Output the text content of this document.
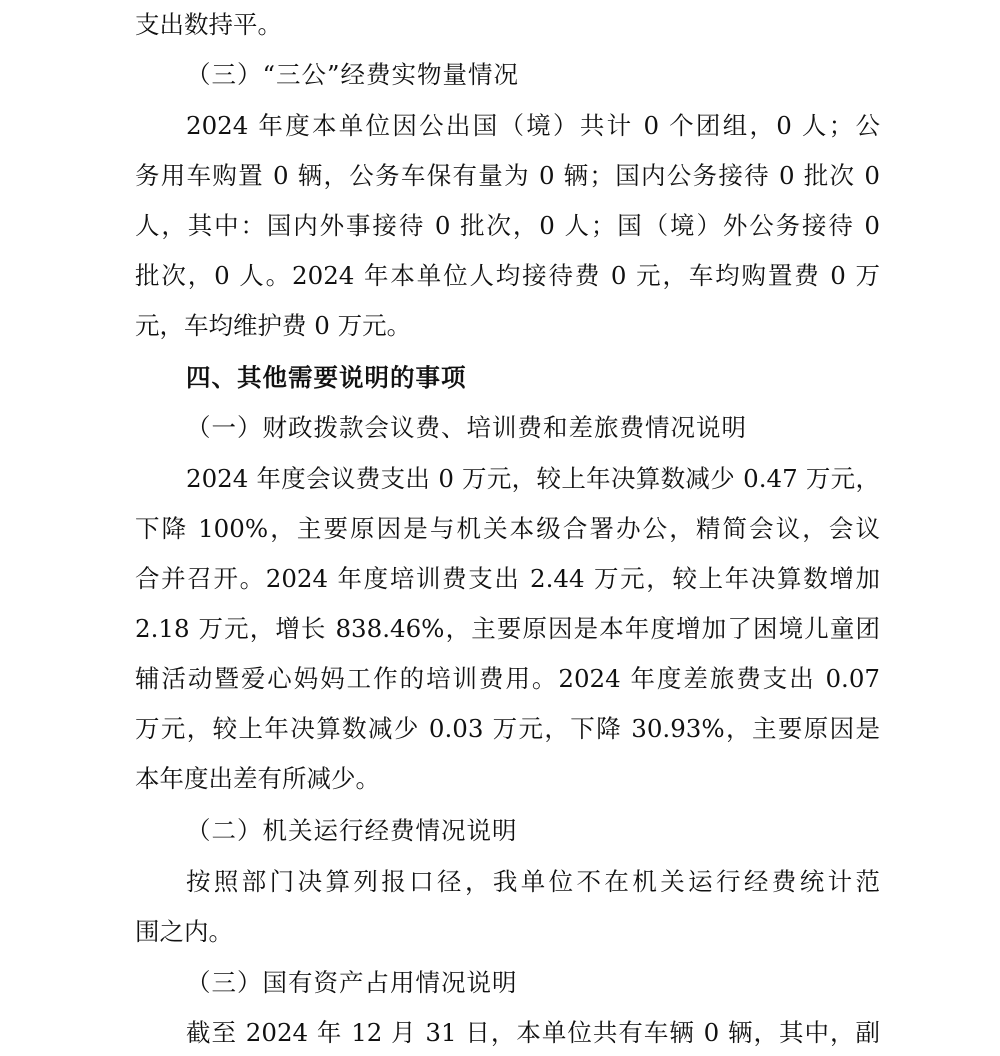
支出数持平。
（三）“三公”经费实物量情况
2024 年度本单位因公出国（境）共计 0 个团组，0 人；公
务用车购置 0 辆，公务车保有量为 0 辆；国内公务接待 0 批次 0
人，其中：国内外事接待 0 批次，0 人；国（境）外公务接待 0
批次，0 人。2024 年本单位人均接待费 0 元，车均购置费 0 万
元，车均维护费 0 万元。
四、其他需要说明的事项
（一）财政拨款会议费、培训费和差旅费情况说明
2024 年度会议费支出 0 万元，较上年决算数减少 0.47 万元，
下降 100%，主要原因是与机关本级合署办公，精简会议，会议
合并召开。2024 年度培训费支出 2.44 万元，较上年决算数增加
2.18 万元，增长 838.46%，主要原因是本年度增加了困境儿童团
辅活动暨爱心妈妈工作的培训费用。2024 年度差旅费支出 0.07
万元，较上年决算数减少 0.03 万元，下降 30.93%，主要原因是
本年度出差有所减少。
（二）机关运行经费情况说明
按照部门决算列报口径，我单位不在机关运行经费统计范
围之内。
（三）国有资产占用情况说明
截至 2024 年 12 月 31 日，本单位共有车辆 0 辆，其中，副
